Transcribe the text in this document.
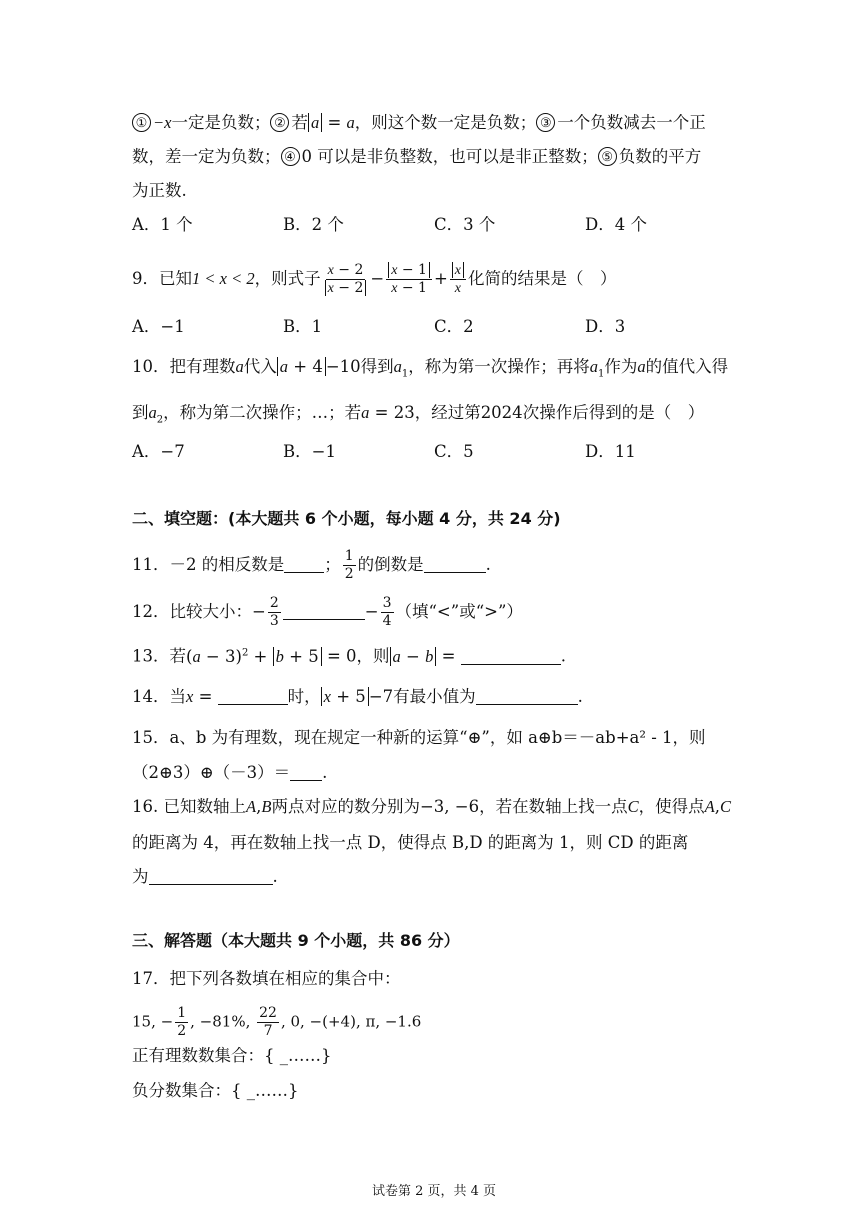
① −x一定是负数； ② 若 a = a，则这个数一定是负数； ③ 一个负数减去一个正
数，差一定为负数； ④ 0 可以是非负整数，也可以是非正整数； ⑤ 负数的平方
为正数.
A．1 个	B．2 个	C．3 个	D．4 个
9．已知1 < x < 2，则式子 $\frac{x - 2}{x - 2} - \frac{x - 1}{x - 1} + \frac{x}{x}$ 化简的结果是（　）
A．−1	B．1	C．2	D．3
10．把有理数a代入 a + 4 −10得到$a_1$，称为第一次操作；再将$a_1$作为a的值代入得
到$a_2$，称为第二次操作；…；若a = 23，经过第2024次操作后得到的是（　）
A．−7	B．−1	C．5	D．11
二、填空题：(本大题共 6 个小题，每小题 4 分，共 24 分)
11．－2 的相反数是 ； $\frac{1}{2}$ 的倒数是	.
12．比较大小：− $\frac{2}{3}$	− $\frac{3}{4}$ （填“<”或“>”）
13．若$(a - 3)^2 + b + 5 = 0$，则 a − b =	.
14．当x =	时， x + 5 −7有最小值为	.
15．a、b 为有理数，现在规定一种新的运算“⊕”，如 a⊕b＝－ab+a² - 1，则
（2⊕3）⊕（－3）＝ .
16. 已知数轴上A,B两点对应的数分别为−3, −6，若在数轴上找一点C，使得点A,C
的距离为 4，再在数轴上找一点 D，使得点 B,D 的距离为 1，则 CD 的距离
为	.
三、解答题（本大题共 9 个小题，共 86 分）
17．把下列各数填在相应的集合中：
15, − $\frac{1}{2}$ , −81%, $\frac{22}{7}$ , 0, −(+4), π, −1.6
正有理数数集合：{ _……}
负分数集合：{ _……}
试卷第 2 页，共 4 页
